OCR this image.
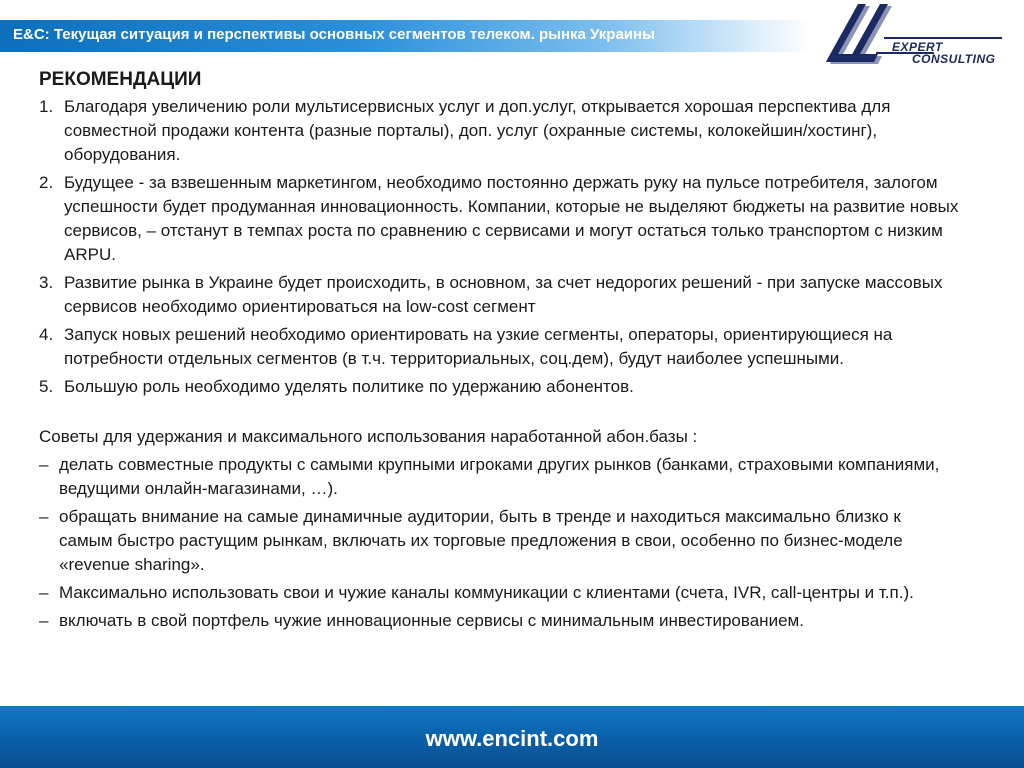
E&C: Текущая ситуация и перспективы основных сегментов телеком. рынка Украины
EXPERT
CONSULTING
РЕКОМЕНДАЦИИ
1. Благодаря увеличению роли мультисервисных услуг и доп.услуг, открывается хорошая перспектива для совместной продажи контента (разные порталы), доп. услуг (охранные системы, колокейшин/хостинг), оборудования.
2. Будущее - за взвешенным маркетингом, необходимо постоянно держать руку на пульсе потребителя, залогом успешности будет продуманная инновационность. Компании, которые не выделяют бюджеты на развитие новых сервисов, – отстанут в темпах роста по сравнению с сервисами и могут остаться только транспортом с низким ARPU.
3. Развитие рынка в Украине будет происходить, в основном, за счет недорогих решений - при запуске массовых сервисов необходимо ориентироваться на low-cost сегмент
4. Запуск новых решений необходимо ориентировать на узкие сегменты, операторы, ориентирующиеся на потребности отдельных сегментов (в т.ч. территориальных, соц.дем), будут наиболее успешными.
5. Большую роль необходимо уделять политике по удержанию абонентов.
Советы для удержания и максимального использования наработанной абон.базы :
– делать совместные продукты с самыми крупными игроками других рынков (банками, страховыми компаниями, ведущими онлайн-магазинами, …).
– обращать внимание на самые динамичные аудитории, быть в тренде и находиться максимально близко к самым быстро растущим рынкам, включать их торговые предложения в свои, особенно по бизнес-моделе «revenue sharing».
– Максимально использовать свои и чужие каналы коммуникации с клиентами (счета, IVR, call-центры и т.п.).
– включать в свой портфель чужие инновационные сервисы с минимальным инвестированием.
www.encint.com
